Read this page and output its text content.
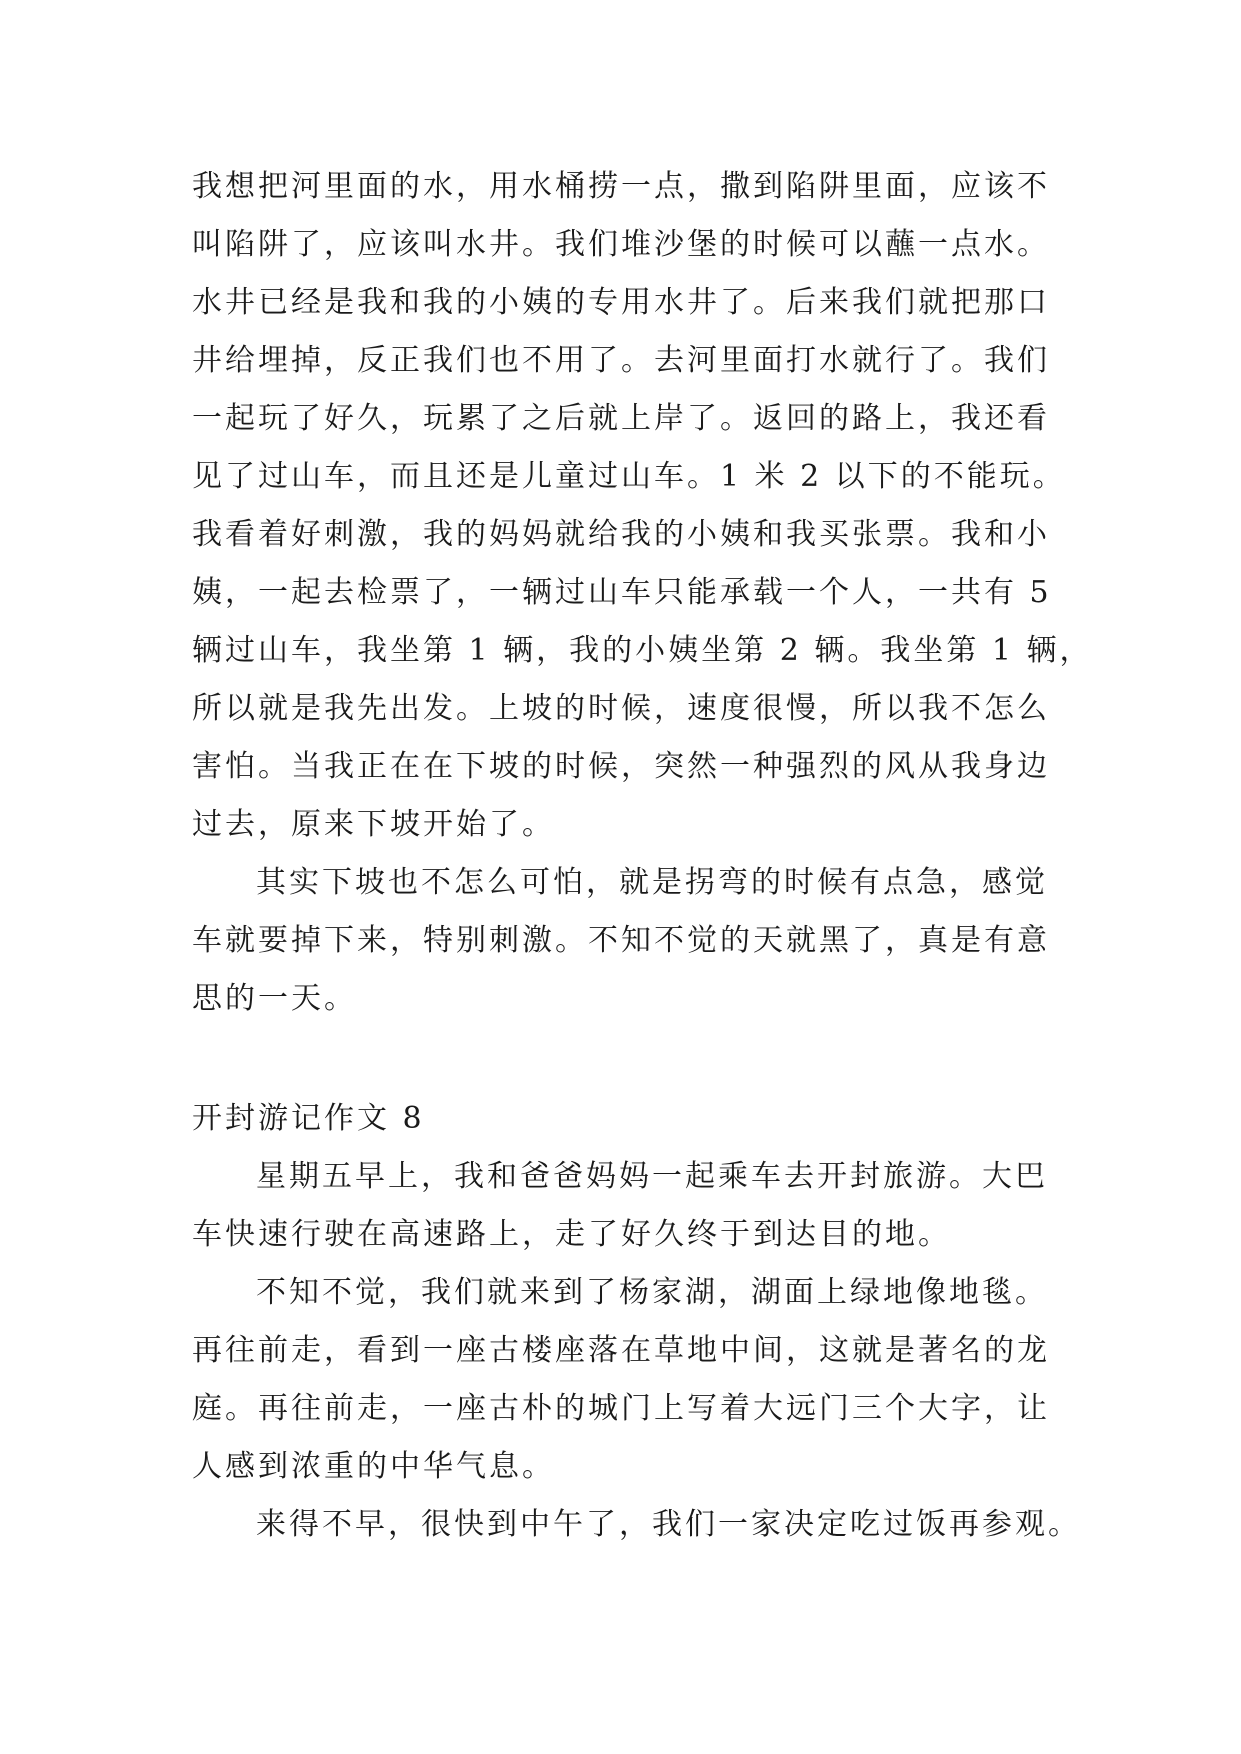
我想把河里面的水，用水桶捞一点，撒到陷阱里面，应该不
叫陷阱了，应该叫水井。我们堆沙堡的时候可以蘸一点水。
水井已经是我和我的小姨的专用水井了。后来我们就把那口
井给埋掉，反正我们也不用了。去河里面打水就行了。我们
一起玩了好久，玩累了之后就上岸了。返回的路上，我还看
见了过山车，而且还是儿童过山车。1 米 2 以下的不能玩。
我看着好刺激，我的妈妈就给我的小姨和我买张票。我和小
姨，一起去检票了，一辆过山车只能承载一个人，一共有 5
辆过山车，我坐第 1 辆，我的小姨坐第 2 辆。我坐第 1 辆，
所以就是我先出发。上坡的时候，速度很慢，所以我不怎么
害怕。当我正在在下坡的时候，突然一种强烈的风从我身边
过去，原来下坡开始了。
其实下坡也不怎么可怕，就是拐弯的时候有点急，感觉
车就要掉下来，特别刺激。不知不觉的天就黑了，真是有意
思的一天。
开封游记作文 8
星期五早上，我和爸爸妈妈一起乘车去开封旅游。大巴
车快速行驶在高速路上，走了好久终于到达目的地。
不知不觉，我们就来到了杨家湖，湖面上绿地像地毯。
再往前走，看到一座古楼座落在草地中间，这就是著名的龙
庭。再往前走，一座古朴的城门上写着大远门三个大字，让
人感到浓重的中华气息。
来得不早，很快到中午了，我们一家决定吃过饭再参观。
